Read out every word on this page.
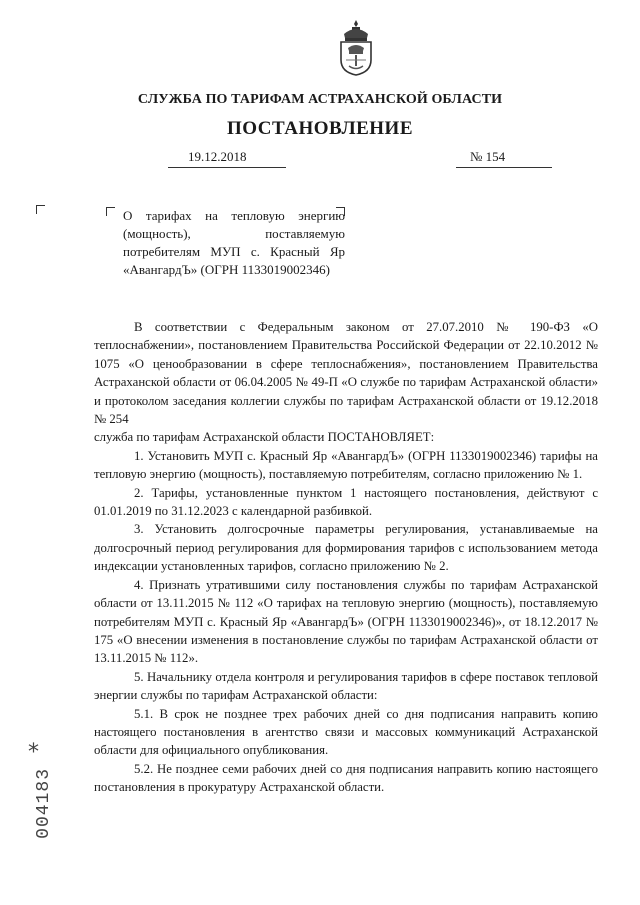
СЛУЖБА ПО ТАРИФАМ АСТРАХАНСКОЙ ОБЛАСТИ
ПОСТАНОВЛЕНИЕ
19.12.2018	№ 154
О тарифах на тепловую энергию (мощность), поставляемую потребителям МУП с. Красный Яр «АвангардЪ» (ОГРН 1133019002346)

В соответствии с Федеральным законом от 27.07.2010 № 190-ФЗ «О теплоснабжении», постановлением Правительства Российской Федерации от 22.10.2012 № 1075 «О ценообразовании в сфере теплоснабжения», постановлением Правительства Астраханской области от 06.04.2005 № 49-П «О службе по тарифам Астраханской области» и протоколом заседания коллегии службы по тарифам Астраханской области от 19.12.2018 № 254

служба по тарифам Астраханской области ПОСТАНОВЛЯЕТ:

1. Установить МУП с. Красный Яр «АвангардЪ» (ОГРН 1133019002346) тарифы на тепловую энергию (мощность), поставляемую потребителям, согласно приложению № 1.

2. Тарифы, установленные пунктом 1 настоящего постановления, действуют с 01.01.2019 по 31.12.2023 с календарной разбивкой.

3. Установить долгосрочные параметры регулирования, устанавливаемые на долгосрочный период регулирования для формирования тарифов с использованием метода индексации установленных тарифов, согласно приложению № 2.

4. Признать утратившими силу постановления службы по тарифам Астраханской области от 13.11.2015 № 112 «О тарифах на тепловую энергию (мощность), поставляемую потребителям МУП с. Красный Яр «АвангардЪ» (ОГРН 1133019002346)», от 18.12.2017 № 175 «О внесении изменения в постановление службы по тарифам Астраханской области от 13.11.2015 № 112».

5. Начальнику отдела контроля и регулирования тарифов в сфере поставок тепловой энергии службы по тарифам Астраханской области:

5.1. В срок не позднее трех рабочих дней со дня подписания направить копию настоящего постановления в агентство связи и массовых коммуникаций Астраханской области для официального опубликования.

5.2. Не позднее семи рабочих дней со дня подписания направить копию настоящего постановления в прокуратуру Астраханской области.

*
004183
